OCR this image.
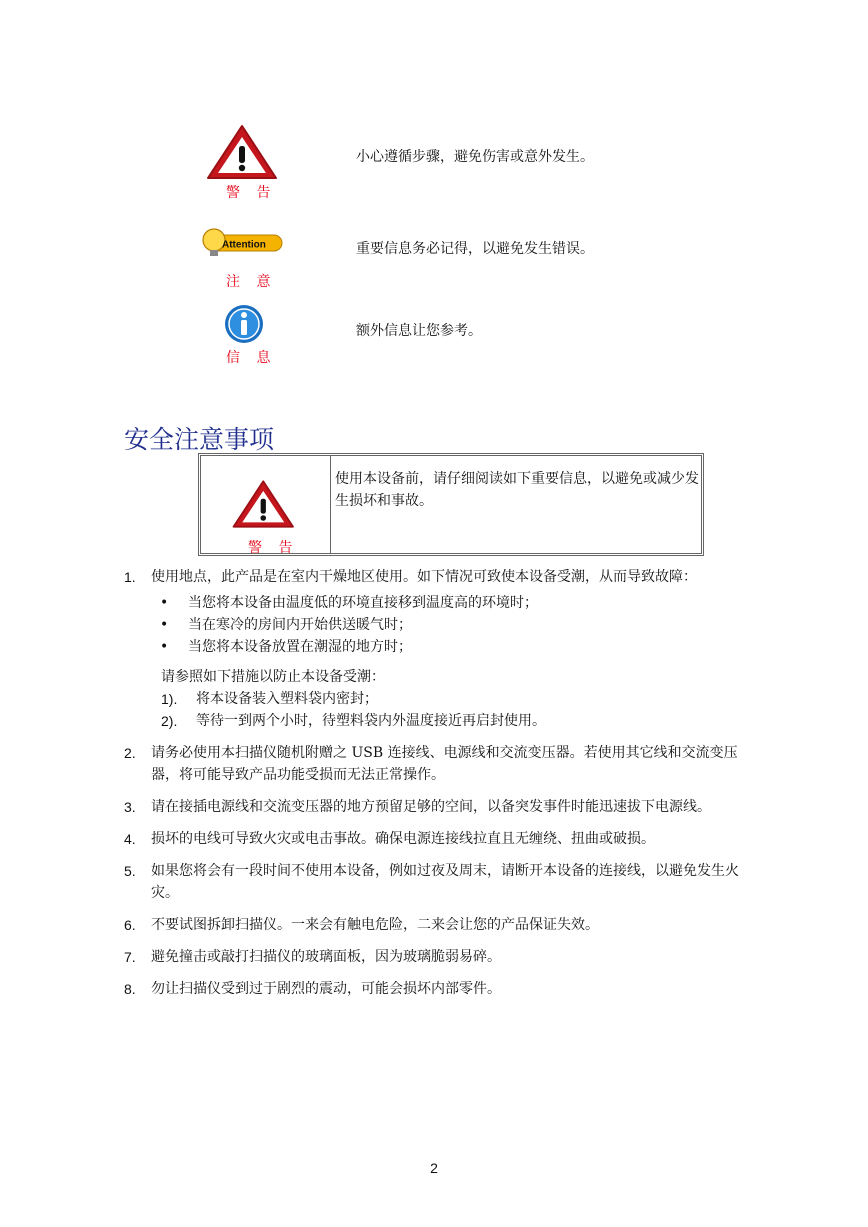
警 告
小心遵循步骤，避免伤害或意外发生。
Attention
注 意
重要信息务必记得，以避免发生错误。
信 息
额外信息让您参考。
安全注意事项
警 告
使用本设备前，请仔细阅读如下重要信息，以避免或减少发生损坏和事故。
1. 使用地点，此产品是在室内干燥地区使用。如下情况可致使本设备受潮，从而导致故障：
• 当您将本设备由温度低的环境直接移到温度高的环境时；
• 当在寒冷的房间内开始供送暖气时；
• 当您将本设备放置在潮湿的地方时；
请参照如下措施以防止本设备受潮：
1). 将本设备装入塑料袋内密封；
2). 等待一到两个小时，待塑料袋内外温度接近再启封使用。
2. 请务必使用本扫描仪随机附赠之 USB 连接线、电源线和交流变压器。若使用其它线和交流变压器，将可能导致产品功能受损而无法正常操作。
3. 请在接插电源线和交流变压器的地方预留足够的空间，以备突发事件时能迅速拔下电源线。
4. 损坏的电线可导致火灾或电击事故。确保电源连接线拉直且无缠绕、扭曲或破损。
5. 如果您将会有一段时间不使用本设备，例如过夜及周末，请断开本设备的连接线，以避免发生火灾。
6. 不要试图拆卸扫描仪。一来会有触电危险，二来会让您的产品保证失效。
7. 避免撞击或敲打扫描仪的玻璃面板，因为玻璃脆弱易碎。
8. 勿让扫描仪受到过于剧烈的震动，可能会损坏内部零件。
2
